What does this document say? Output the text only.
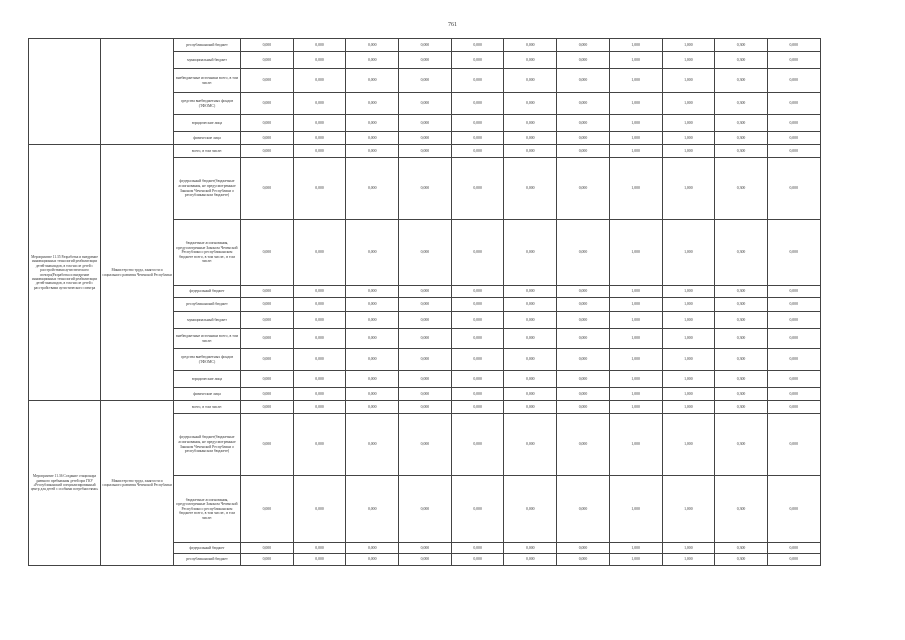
761
		республиканский бюджет	0,000	0,000	0,000	0,000	0,000	0,000	0,000	1,000	1,000	0,300	0,000
		муниципальный бюджет	0,000	0,000	0,000	0,000	0,000	0,000	0,000	1,000	1,000	0,300	0,000
		внебюджетные источники всего, в том числе:	0,000	0,000	0,000	0,000	0,000	0,000	0,000	1,000	1,000	0,300	0,000
		средства внебюджетных фондов (ТФОМС)	0,000	0,000	0,000	0,000	0,000	0,000	0,000	1,000	1,000	0,300	0,000
		юридические лица	0,000	0,000	0,000	0,000	0,000	0,000	0,000	1,000	1,000	0,300	0,000
		физические лица	0,000	0,000	0,000	0,000	0,000	0,000	0,000	1,000	1,000	0,300	0,000
Мероприятие 11.35 Разработка и внедрение инновационных технологий реабилитации детей-инвалидов, в том числе детей с расстройствами аутистического спектра(Разработка и внедрение инновационных технологий реабилитации детей-инвалидов, в том числе детей с расстройствами аутистического спектра	Министерство труда, занятости и социального развития Чеченской Республики	всего, в том числе:	0,000	0,000	0,000	0,000	0,000	0,000	0,000	1,000	1,000	0,300	0,000
		федеральный бюджет(бюджетные ассигнования, не предусмотренные Законом Чеченской Республики о республиканском бюджете)	0,000	0,000	0,000	0,000	0,000	0,000	0,000	1,000	1,000	0,300	0,000
		бюджетные ассигнования, предусмотренные Законом Чеченской Республики о республиканском бюджете всего, в том числе:, в том числе:	0,000	0,000	0,000	0,000	0,000	0,000	0,000	1,000	1,000	0,300	0,000
		федеральный бюджет	0,000	0,000	0,000	0,000	0,000	0,000	0,000	1,000	1,000	0,300	0,000
		республиканский бюджет	0,000	0,000	0,000	0,000	0,000	0,000	0,000	1,000	1,000	0,300	0,000
		муниципальный бюджет	0,000	0,000	0,000	0,000	0,000	0,000	0,000	1,000	1,000	0,300	0,000
		внебюджетные источники всего, в том числе:	0,000	0,000	0,000	0,000	0,000	0,000	0,000	1,000	1,000	0,300	0,000
		средства внебюджетных фондов (ТФОМС)	0,000	0,000	0,000	0,000	0,000	0,000	0,000	1,000	1,000	0,300	0,000
		юридические лица	0,000	0,000	0,000	0,000	0,000	0,000	0,000	1,000	1,000	0,300	0,000
		физические лица	0,000	0,000	0,000	0,000	0,000	0,000	0,000	1,000	1,000	0,300	0,000
Мероприятие 11.36 Создание стационара дневного пребывания детей при ГКУ «Республиканский специализированный центр для детей с особыми потребностями»	Министерство труда, занятости и социального развития Чеченской Республики	всего, в том числе:	0,000	0,000	0,000	0,000	0,000	0,000	0,000	1,000	1,000	0,300	0,000
		федеральный бюджет(бюджетные ассигнования, не предусмотренные Законом Чеченской Республики о республиканском бюджете)	0,000	0,000	0,000	0,000	0,000	0,000	0,000	1,000	1,000	0,300	0,000
		бюджетные ассигнования, предусмотренные Законом Чеченской Республики о республиканском бюджете всего, в том числе:, в том числе:	0,000	0,000	0,000	0,000	0,000	0,000	0,000	1,000	1,000	0,300	0,000
		федеральный бюджет	0,000	0,000	0,000	0,000	0,000	0,000	0,000	1,000	1,000	0,300	0,000
		республиканский бюджет	0,000	0,000	0,000	0,000	0,000	0,000	0,000	1,000	1,000	0,300	0,000
